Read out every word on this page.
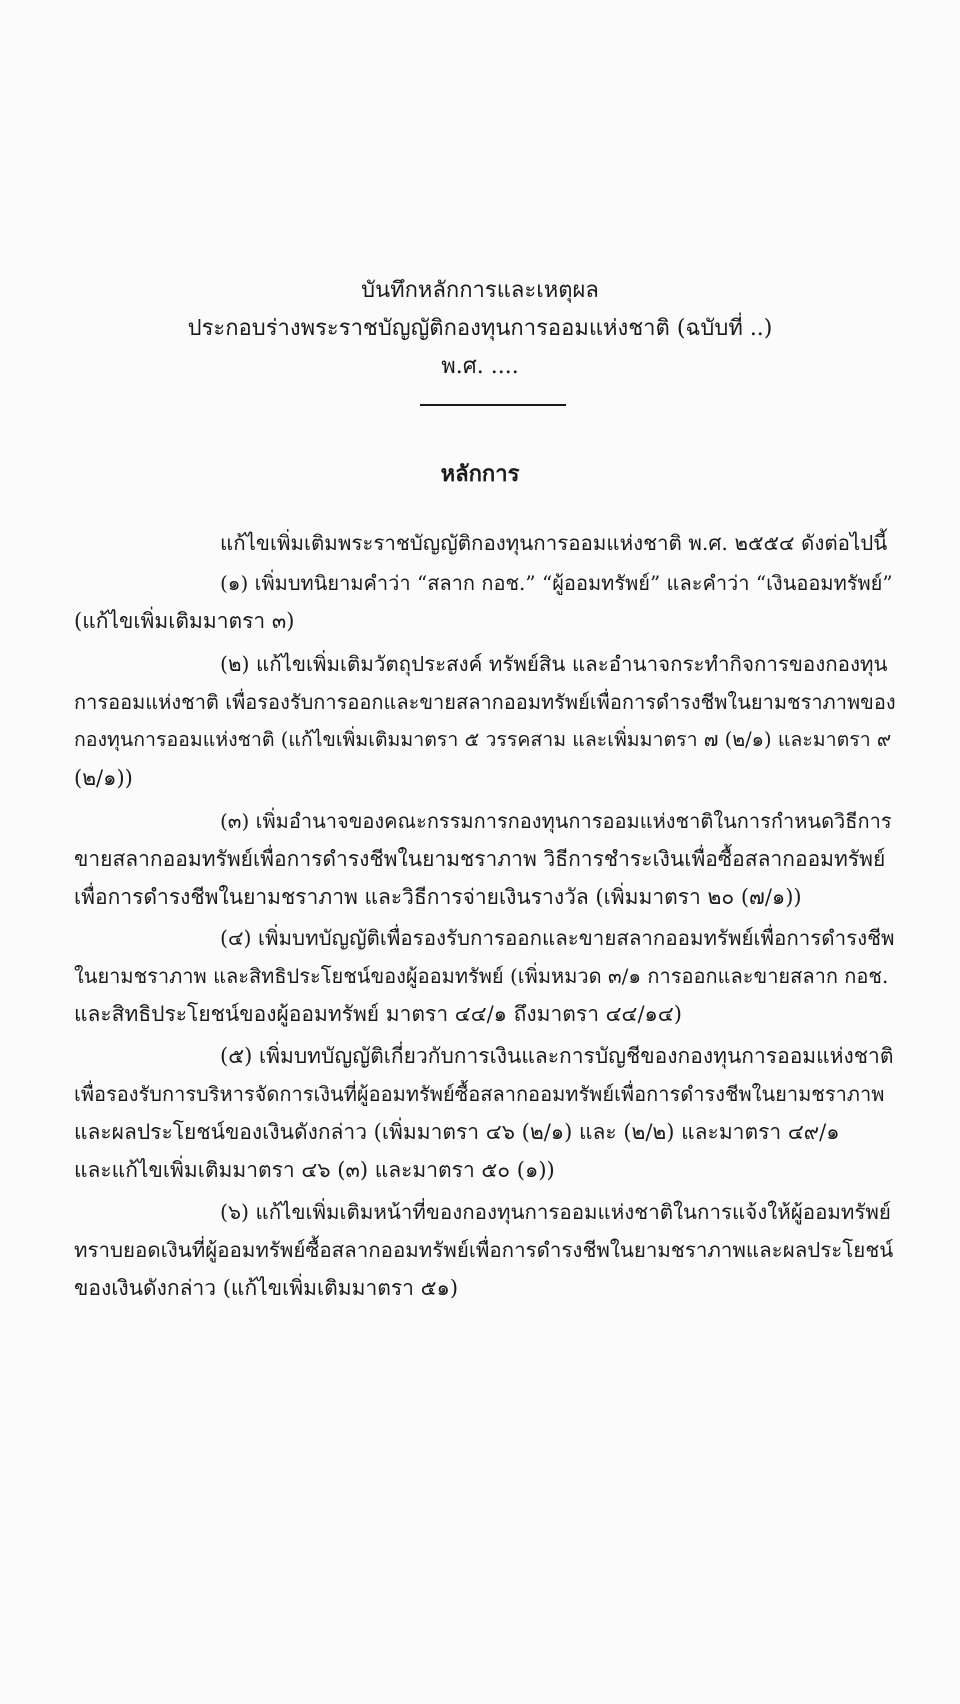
บันทึกหลักการและเหตุผล
ประกอบร่างพระราชบัญญัติกองทุนการออมแห่งชาติ (ฉบับที่ ..)
พ.ศ. ....
หลักการ
แก้ไขเพิ่มเติมพระราชบัญญัติกองทุนการออมแห่งชาติ พ.ศ. ๒๕๕๔ ดังต่อไปนี้
(๑) เพิ่มบทนิยามคำว่า “สลาก กอช.” “ผู้ออมทรัพย์” และคำว่า “เงินออมทรัพย์”
(แก้ไขเพิ่มเติมมาตรา ๓)
(๒) แก้ไขเพิ่มเติมวัตถุประสงค์ ทรัพย์สิน และอำนาจกระทำกิจการของกองทุน
การออมแห่งชาติ เพื่อรองรับการออกและขายสลากออมทรัพย์เพื่อการดำรงชีพในยามชราภาพของ
กองทุนการออมแห่งชาติ (แก้ไขเพิ่มเติมมาตรา ๕ วรรคสาม และเพิ่มมาตรา ๗ (๒/๑) และมาตรา ๙
(๒/๑))
(๓) เพิ่มอำนาจของคณะกรรมการกองทุนการออมแห่งชาติในการกำหนดวิธีการ
ขายสลากออมทรัพย์เพื่อการดำรงชีพในยามชราภาพ วิธีการชำระเงินเพื่อซื้อสลากออมทรัพย์
เพื่อการดำรงชีพในยามชราภาพ และวิธีการจ่ายเงินรางวัล (เพิ่มมาตรา ๒๐ (๗/๑))
(๔) เพิ่มบทบัญญัติเพื่อรองรับการออกและขายสลากออมทรัพย์เพื่อการดำรงชีพ
ในยามชราภาพ และสิทธิประโยชน์ของผู้ออมทรัพย์ (เพิ่มหมวด ๓/๑ การออกและขายสลาก กอช.
และสิทธิประโยชน์ของผู้ออมทรัพย์ มาตรา ๔๔/๑ ถึงมาตรา ๔๔/๑๔)
(๕) เพิ่มบทบัญญัติเกี่ยวกับการเงินและการบัญชีของกองทุนการออมแห่งชาติ
เพื่อรองรับการบริหารจัดการเงินที่ผู้ออมทรัพย์ซื้อสลากออมทรัพย์เพื่อการดำรงชีพในยามชราภาพ
และผลประโยชน์ของเงินดังกล่าว (เพิ่มมาตรา ๔๖ (๒/๑) และ (๒/๒) และมาตรา ๔๙/๑
และแก้ไขเพิ่มเติมมาตรา ๔๖ (๓) และมาตรา ๕๐ (๑))
(๖) แก้ไขเพิ่มเติมหน้าที่ของกองทุนการออมแห่งชาติในการแจ้งให้ผู้ออมทรัพย์
ทราบยอดเงินที่ผู้ออมทรัพย์ซื้อสลากออมทรัพย์เพื่อการดำรงชีพในยามชราภาพและผลประโยชน์
ของเงินดังกล่าว (แก้ไขเพิ่มเติมมาตรา ๕๑)
